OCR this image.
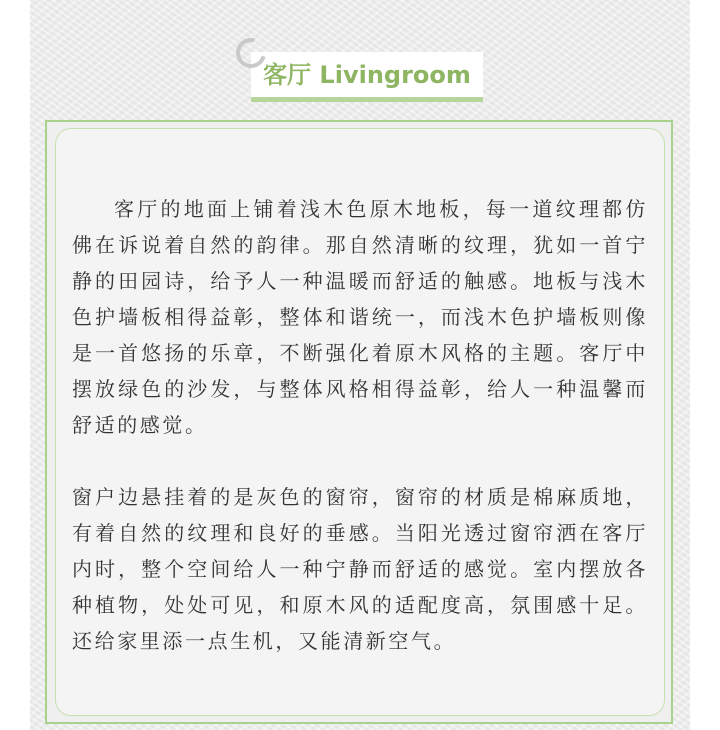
客厅 Livingroom

客厅的地面上铺着浅木色原木地板，每一道纹理都仿佛在诉说着自然的韵律。那自然清晰的纹理，犹如一首宁静的田园诗，给予人一种温暖而舒适的触感。地板与浅木色护墙板相得益彰，整体和谐统一，而浅木色护墙板则像是一首悠扬的乐章，不断强化着原木风格的主题。客厅中摆放绿色的沙发，与整体风格相得益彰，给人一种温馨而舒适的感觉。

窗户边悬挂着的是灰色的窗帘，窗帘的材质是棉麻质地，有着自然的纹理和良好的垂感。当阳光透过窗帘洒在客厅内时，整个空间给人一种宁静而舒适的感觉。室内摆放各种植物，处处可见，和原木风的适配度高，氛围感十足。还给家里添一点生机，又能清新空气。
